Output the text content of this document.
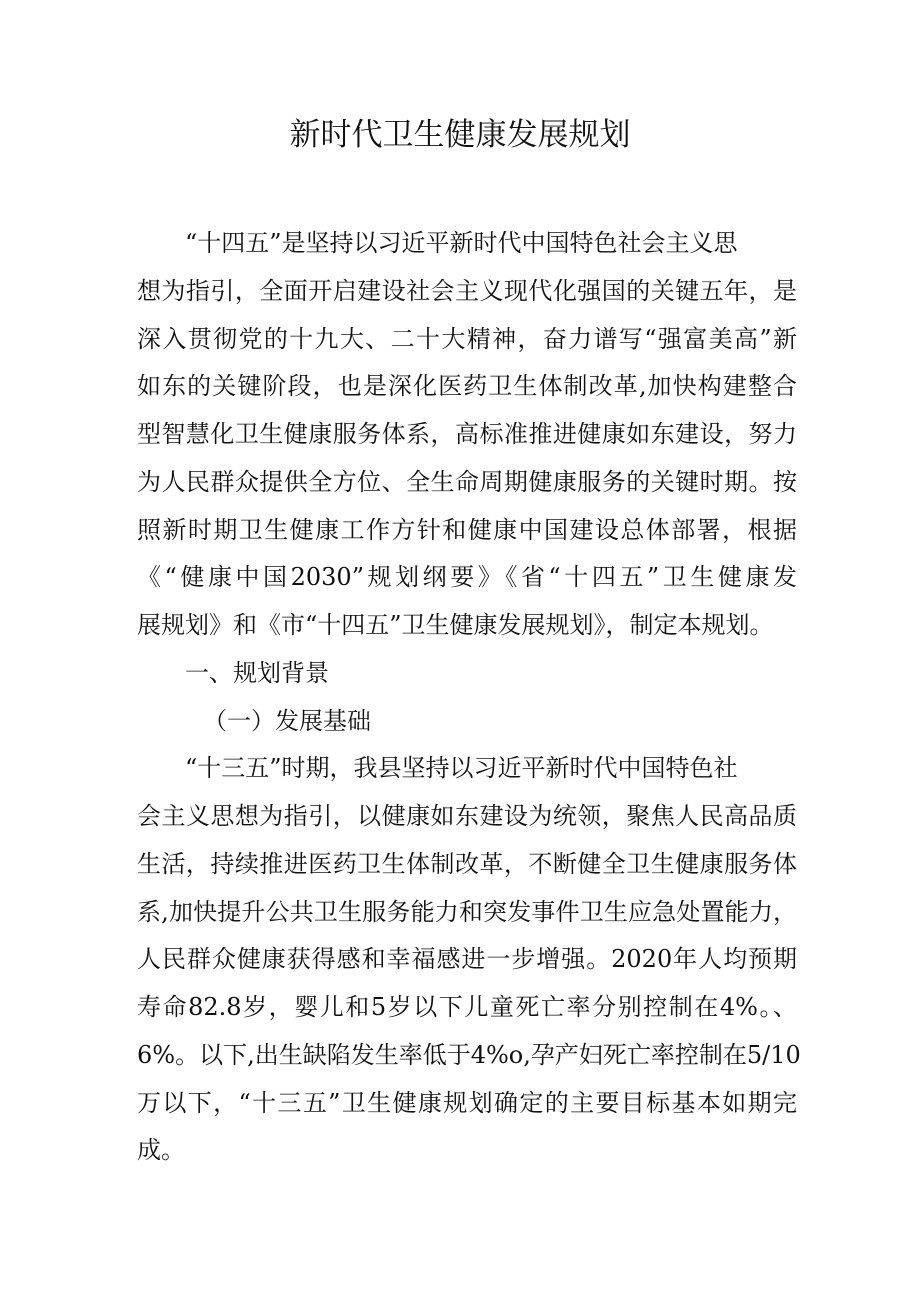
新时代卫生健康发展规划
“十四五”是坚持以习近平新时代中国特色社会主义思
想为指引，全面开启建设社会主义现代化强国的关键五年，是
深入贯彻党的十九大、二十大精神，奋力谱写“强富美高”新
如东的关键阶段，也是深化医药卫生体制改革,加快构建整合
型智慧化卫生健康服务体系，高标准推进健康如东建设，努力
为人民群众提供全方位、全生命周期健康服务的关键时期。按
照新时期卫生健康工作方针和健康中国建设总体部署，根据
《“健康中国2030”规划纲要》《省“十四五”卫生健康发
展规划》和《市“十四五”卫生健康发展规划》，制定本规划。
一、规划背景
（一）发展基础
“十三五”时期，我县坚持以习近平新时代中国特色社
会主义思想为指引，以健康如东建设为统领，聚焦人民高品质
生活，持续推进医药卫生体制改革，不断健全卫生健康服务体
系,加快提升公共卫生服务能力和突发事件卫生应急处置能力，
人民群众健康获得感和幸福感进一步增强。2020年人均预期
寿命82.8岁，婴儿和5岁以下儿童死亡率分别控制在4%。、
6%。以下,出生缺陷发生率低于4%o,孕产妇死亡率控制在5/10
万以下，“十三五”卫生健康规划确定的主要目标基本如期完
成。
